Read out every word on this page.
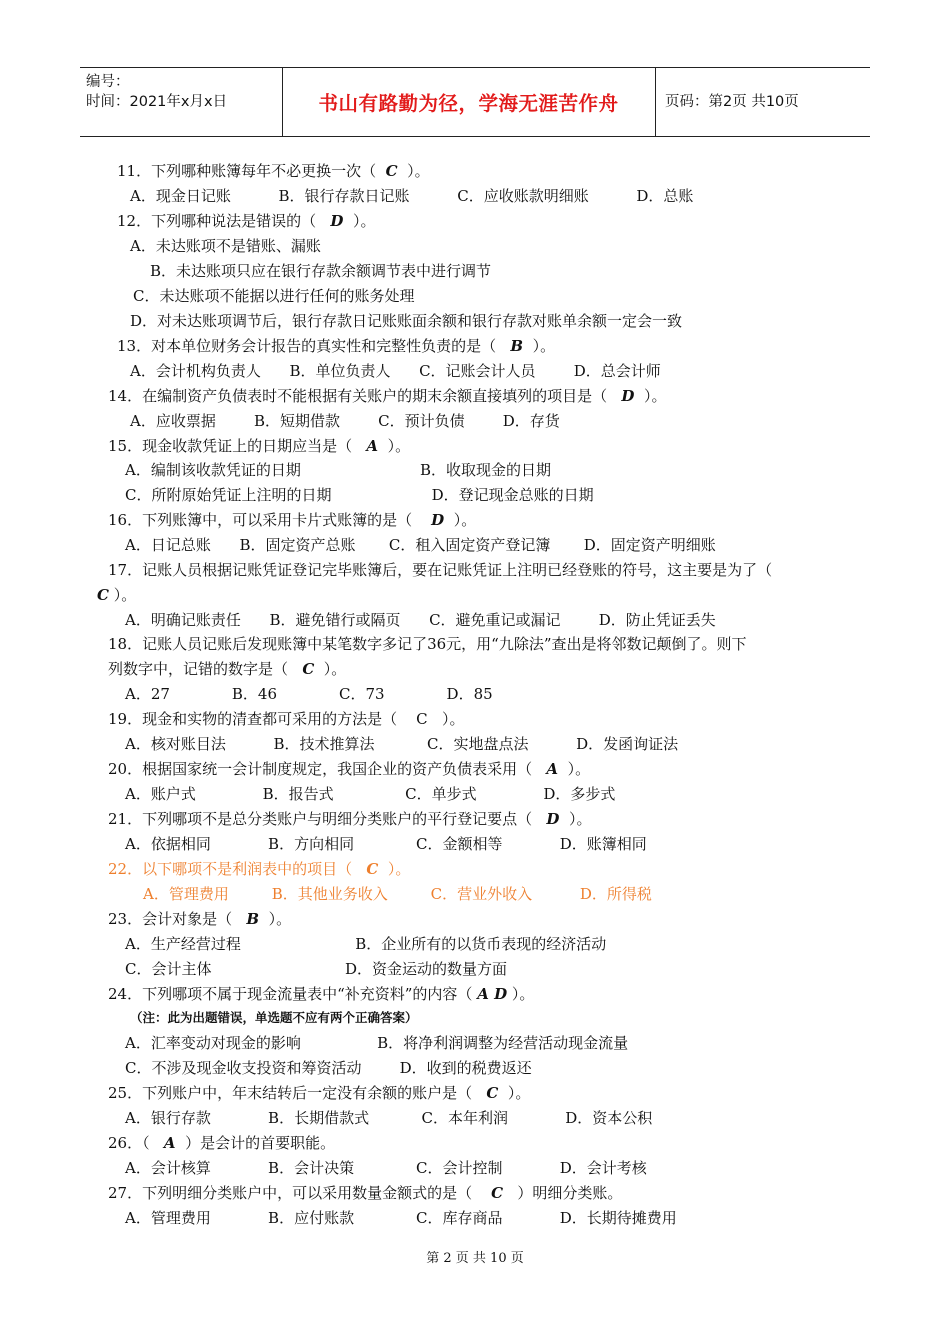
编号：
时间：2021年x月x日	书山有路勤为径，学海无涯苦作舟	页码：第2页 共10页
11．下列哪种账簿每年不必更换一次（  C  ）。
A．现金日记账          B．银行存款日记账          C．应收账款明细账          D．总账
12．下列哪种说法是错误的（   D  ）。
A．未达账项不是错账、漏账
B．未达账项只应在银行存款余额调节表中进行调节
C．未达账项不能据以进行任何的账务处理
D．对未达账项调节后，银行存款日记账账面余额和银行存款对账单余额一定会一致
13．对本单位财务会计报告的真实性和完整性负责的是（   B  ）。
A．会计机构负责人      B．单位负责人      C．记账会计人员        D．总会计师
14．在编制资产负债表时不能根据有关账户的期末余额直接填列的项目是（   D  ）。
A．应收票据        B．短期借款        C．预计负债        D．存货
15．现金收款凭证上的日期应当是（   A  ）。
A．编制该收款凭证的日期                         B．收取现金的日期
C．所附原始凭证上注明的日期                     D．登记现金总账的日期
16．下列账簿中，可以采用卡片式账簿的是（    D  ）。
A．日记总账      B．固定资产总账       C．租入固定资产登记簿       D．固定资产明细账
17．记账人员根据记账凭证登记完毕账簿后，要在记账凭证上注明已经登账的符号，这主要是为了（
C ）。
A．明确记账责任      B．避免错行或隔页      C．避免重记或漏记        D．防止凭证丢失
18．记账人员记账后发现账簿中某笔数字多记了36元，用“九除法”查出是将邻数记颠倒了。则下
列数字中，记错的数字是（   C  ）。
A．27             B．46             C．73             D．85
19．现金和实物的清查都可采用的方法是（    C   ）。
A．核对账目法          B．技术推算法           C．实地盘点法          D．发函询证法
20．根据国家统一会计制度规定，我国企业的资产负债表采用（   A  ）。
A．账户式              B．报告式               C．单步式              D．多步式
21．下列哪项不是总分类账户与明细分类账户的平行登记要点（   D  ）。
A．依据相同            B．方向相同             C．金额相等            D．账簿相同
22．以下哪项不是利润表中的项目（   C  ）。
A．管理费用         B．其他业务收入         C．营业外收入          D．所得税
23．会计对象是（   B  ）。
A．生产经营过程                        B．企业所有的以货币表现的经济活动
C．会计主体                            D．资金运动的数量方面
24．下列哪项不属于现金流量表中“补充资料”的内容（ A D ）。
（注：此为出题错误，单选题不应有两个正确答案）
A．汇率变动对现金的影响                B．将净利润调整为经营活动现金流量
C．不涉及现金收支投资和筹资活动        D．收到的税费返还
25．下列账户中，年末结转后一定没有余额的账户是（   C  ）。
A．银行存款            B．长期借款式           C．本年利润            D．资本公积
26．（   A  ）是会计的首要职能。
A．会计核算            B．会计决策             C．会计控制            D．会计考核
27．下列明细分类账户中，可以采用数量金额式的是（    C   ）明细分类账。
A．管理费用            B．应付账款             C．库存商品            D．长期待摊费用
第 2 页 共 10 页
